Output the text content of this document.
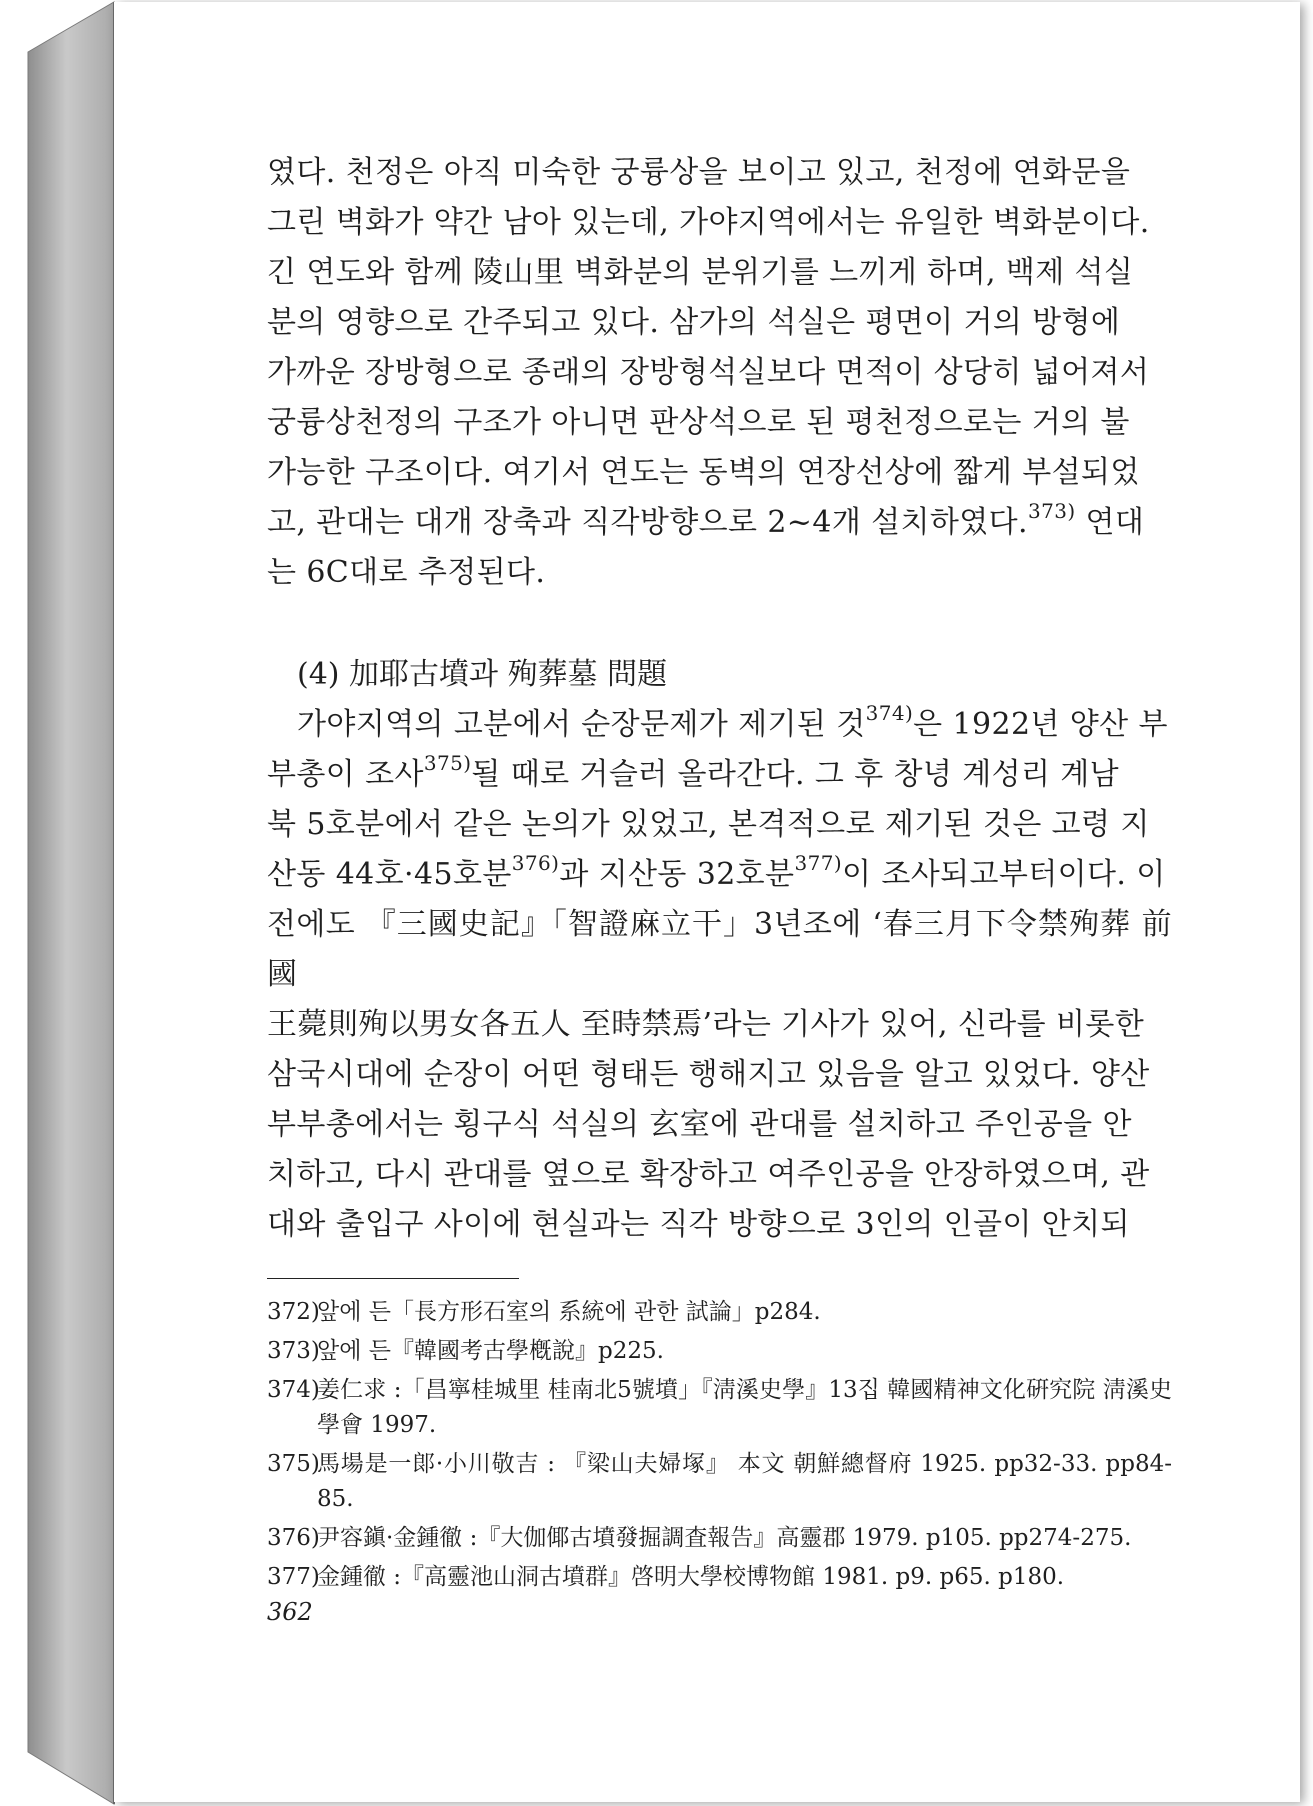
였다. 천정은 아직 미숙한 궁륭상을 보이고 있고, 천정에 연화문을
그린 벽화가 약간 남아 있는데, 가야지역에서는 유일한 벽화분이다.
긴 연도와 함께 陵山里 벽화분의 분위기를 느끼게 하며, 백제 석실
분의 영향으로 간주되고 있다. 삼가의 석실은 평면이 거의 방형에
가까운 장방형으로 종래의 장방형석실보다 면적이 상당히 넓어져서
궁륭상천정의 구조가 아니면 판상석으로 된 평천정으로는 거의 불
가능한 구조이다. 여기서 연도는 동벽의 연장선상에 짧게 부설되었
고, 관대는 대개 장축과 직각방향으로 2~4개 설치하였다.$^{373)}$ 연대
는 6C대로 추정된다.
(4) 加耶古墳과 殉葬墓 問題
가야지역의 고분에서 순장문제가 제기된 것$^{374)}$은 1922년 양산 부
부총이 조사$^{375)}$될 때로 거슬러 올라간다. 그 후 창녕 계성리 계남
북 5호분에서 같은 논의가 있었고, 본격적으로 제기된 것은 고령 지
산동 44호·45호분$^{376)}$과 지산동 32호분$^{377)}$이 조사되고부터이다. 이
전에도 『三國史記』「智證麻立干」3년조에 ‘春三月下令禁殉葬 前國
王薨則殉以男女各五人 至時禁焉’라는 기사가 있어, 신라를 비롯한
삼국시대에 순장이 어떤 형태든 행해지고 있음을 알고 있었다. 양산
부부총에서는 횡구식 석실의 玄室에 관대를 설치하고 주인공을 안
치하고, 다시 관대를 옆으로 확장하고 여주인공을 안장하였으며, 관
대와 출입구 사이에 현실과는 직각 방향으로 3인의 인골이 안치되
372)
앞에 든「長方形石室의 系統에 관한 試論」p284.
373)
앞에 든『韓國考古學槪說』p225.
374)
姜仁求 :「昌寧桂城里 桂南北5號墳」『淸溪史學』13집 韓國精神文化硏究院 淸溪史學會 1997.
375)
馬場是一郞·小川敬吉 : 『梁山夫婦塚』 本文 朝鮮總督府 1925. pp32-33. pp84-85.
376)
尹容鎭·金鍾徹 :『大伽倻古墳發掘調査報告』高靈郡 1979. p105. pp274-275.
377)
金鍾徹 :『高靈池山洞古墳群』啓明大學校博物館 1981. p9. p65. p180.
362
